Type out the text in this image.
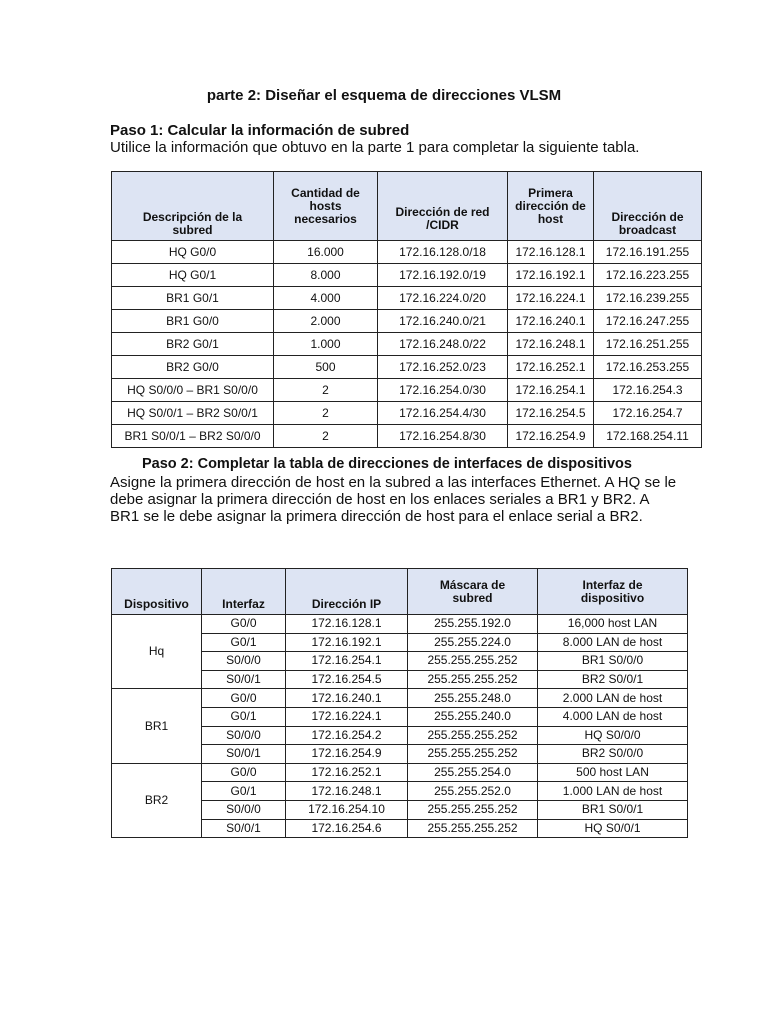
parte 2: Diseñar el esquema de direcciones VLSM
Paso 1: Calcular la información de subred
Utilice la información que obtuvo en la parte 1 para completar la siguiente tabla.
Descripción de la subred	Cantidad de hosts necesarios	Dirección de red /CIDR	Primera dirección de host	Dirección de broadcast
HQ G0/0	16.000	172.16.128.0/18	172.16.128.1	172.16.191.255
HQ G0/1	8.000	172.16.192.0/19	172.16.192.1	172.16.223.255
BR1 G0/1	4.000	172.16.224.0/20	172.16.224.1	172.16.239.255
BR1 G0/0	2.000	172.16.240.0/21	172.16.240.1	172.16.247.255
BR2 G0/1	1.000	172.16.248.0/22	172.16.248.1	172.16.251.255
BR2 G0/0	500	172.16.252.0/23	172.16.252.1	172.16.253.255
HQ S0/0/0 – BR1 S0/0/0	2	172.16.254.0/30	172.16.254.1	172.16.254.3
HQ S0/0/1 – BR2 S0/0/1	2	172.16.254.4/30	172.16.254.5	172.16.254.7
BR1 S0/0/1 – BR2 S0/0/0	2	172.16.254.8/30	172.16.254.9	172.168.254.11
Paso 2: Completar la tabla de direcciones de interfaces de dispositivos
Asigne la primera dirección de host en la subred a las interfaces Ethernet. A HQ se le debe asignar la primera dirección de host en los enlaces seriales a BR1 y BR2. A BR1 se le debe asignar la primera dirección de host para el enlace serial a BR2.
Dispositivo	Interfaz	Dirección IP	Máscara de subred	Interfaz de dispositivo
Hq	G0/0	172.16.128.1	255.255.192.0	16,000 host LAN
	G0/1	172.16.192.1	255.255.224.0	8.000 LAN de host
	S0/0/0	172.16.254.1	255.255.255.252	BR1 S0/0/0
	S0/0/1	172.16.254.5	255.255.255.252	BR2 S0/0/1
BR1	G0/0	172.16.240.1	255.255.248.0	2.000 LAN de host
	G0/1	172.16.224.1	255.255.240.0	4.000 LAN de host
	S0/0/0	172.16.254.2	255.255.255.252	HQ S0/0/0
	S0/0/1	172.16.254.9	255.255.255.252	BR2 S0/0/0
BR2	G0/0	172.16.252.1	255.255.254.0	500 host LAN
	G0/1	172.16.248.1	255.255.252.0	1.000 LAN de host
	S0/0/0	172.16.254.10	255.255.255.252	BR1 S0/0/1
	S0/0/1	172.16.254.6	255.255.255.252	HQ S0/0/1
